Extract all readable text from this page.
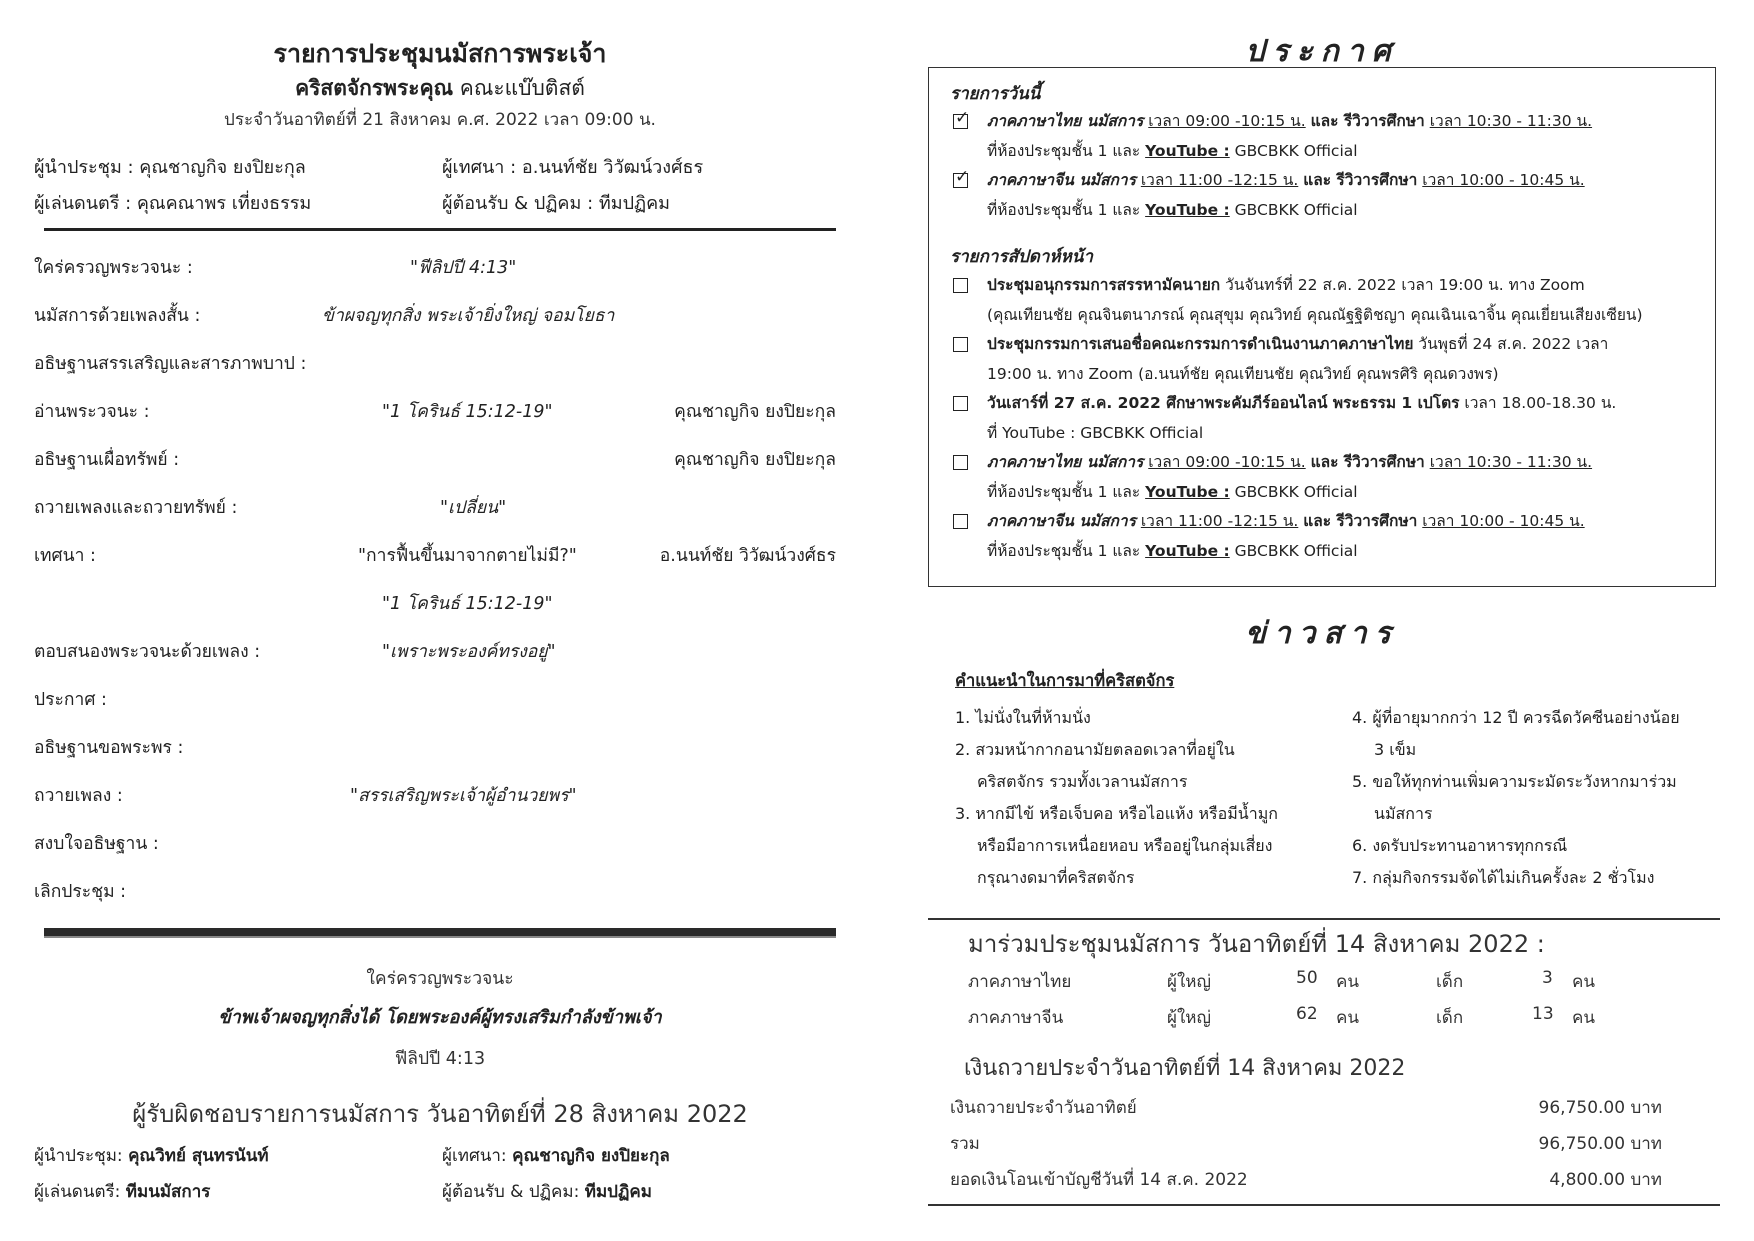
รายการประชุมนมัสการพระเจ้า
คริสตจักรพระคุณ คณะแบ๊บติสต์
ประจำวันอาทิตย์ที่ 21 สิงหาคม ค.ศ. 2022 เวลา 09:00 น.
ผู้นำประชุม : คุณชาญกิจ ยงปิยะกุล	ผู้เทศนา : อ.นนท์ชัย วิวัฒน์วงศ์ธร
ผู้เล่นดนตรี : คุณคณาพร เที่ยงธรรม	ผู้ต้อนรับ & ปฏิคม : ทีมปฏิคม
ใคร่ครวญพระวจนะ :	"ฟีลิปปี 4:13"
นมัสการด้วยเพลงสั้น :	ข้าผจญทุกสิ่ง พระเจ้ายิ่งใหญ่ จอมโยธา
อธิษฐานสรรเสริญและสารภาพบาป :
อ่านพระวจนะ :	"1 โครินธ์ 15:12-19"	คุณชาญกิจ ยงปิยะกุล
อธิษฐานเผื่อทรัพย์ :	คุณชาญกิจ ยงปิยะกุล
ถวายเพลงและถวายทรัพย์ :	"เปลี่ยน"
เทศนา :	"การฟื้นขึ้นมาจากตายไม่มี?"	อ.นนท์ชัย วิวัฒน์วงศ์ธร
"1 โครินธ์ 15:12-19"
ตอบสนองพระวจนะด้วยเพลง :	"เพราะพระองค์ทรงอยู่"
ประกาศ :
อธิษฐานขอพระพร :
ถวายเพลง :	"สรรเสริญพระเจ้าผู้อำนวยพร"
สงบใจอธิษฐาน :
เลิกประชุม :
ใคร่ครวญพระวจนะ
ข้าพเจ้าผจญทุกสิ่งได้ โดยพระองค์ผู้ทรงเสริมกำลังข้าพเจ้า
ฟีลิปปี 4:13
ผู้รับผิดชอบรายการนมัสการ วันอาทิตย์ที่ 28 สิงหาคม 2022
ผู้นำประชุม: คุณวิทย์ สุนทรนันท์	ผู้เทศนา: คุณชาญกิจ ยงปิยะกุล
ผู้เล่นดนตรี: ทีมนมัสการ	ผู้ต้อนรับ & ปฏิคม: ทีมปฏิคม
ประกาศ
รายการวันนี้
✓ ภาคภาษาไทย นมัสการ เวลา 09:00 -10:15 น. และ รีวิวารศึกษา เวลา 10:30 - 11:30 น.
ที่ห้องประชุมชั้น 1 และ YouTube : GBCBKK Official
✓ ภาคภาษาจีน นมัสการ เวลา 11:00 -12:15 น. และ รีวิวารศึกษา เวลา 10:00 - 10:45 น.
ที่ห้องประชุมชั้น 1 และ YouTube : GBCBKK Official
รายการสัปดาห์หน้า
ประชุมอนุกรรมการสรรหามัคนายก วันจันทร์ที่ 22 ส.ค. 2022 เวลา 19:00 น. ทาง Zoom
(คุณเทียนชัย คุณจินตนาภรณ์ คุณสุขุม คุณวิทย์ คุณณัฐฐิติชญา คุณเฉินเฉาจิ้น คุณเยี่ยนเสียงเซียน)
ประชุมกรรมการเสนอชื่อคณะกรรมการดำเนินงานภาคภาษาไทย วันพุธที่ 24 ส.ค. 2022 เวลา
19:00 น. ทาง Zoom (อ.นนท์ชัย คุณเทียนชัย คุณวิทย์ คุณพรศิริ คุณดวงพร)
วันเสาร์ที่ 27 ส.ค. 2022 ศึกษาพระคัมภีร์ออนไลน์ พระธรรม 1 เปโตร เวลา 18.00-18.30 น.
ที่ YouTube : GBCBKK Official
ภาคภาษาไทย นมัสการ เวลา 09:00 -10:15 น. และ รีวิวารศึกษา เวลา 10:30 - 11:30 น.
ที่ห้องประชุมชั้น 1 และ YouTube : GBCBKK Official
ภาคภาษาจีน นมัสการ เวลา 11:00 -12:15 น. และ รีวิวารศึกษา เวลา 10:00 - 10:45 น.
ที่ห้องประชุมชั้น 1 และ YouTube : GBCBKK Official
ข่าวสาร
คำแนะนำในการมาที่คริสตจักร
1. ไม่นั่งในที่ห้ามนั่ง
2. สวมหน้ากากอนามัยตลอดเวลาที่อยู่ใน
คริสตจักร รวมทั้งเวลานมัสการ
3. หากมีไข้ หรือเจ็บคอ หรือไอแห้ง หรือมีน้ำมูก
หรือมีอาการเหนื่อยหอบ หรืออยู่ในกลุ่มเสี่ยง
กรุณางดมาที่คริสตจักร
4. ผู้ที่อายุมากกว่า 12 ปี ควรฉีดวัคซีนอย่างน้อย
3 เข็ม
5. ขอให้ทุกท่านเพิ่มความระมัดระวังหากมาร่วม
นมัสการ
6. งดรับประทานอาหารทุกกรณี
7. กลุ่มกิจกรรมจัดได้ไม่เกินครั้งละ 2 ชั่วโมง
มาร่วมประชุมนมัสการ วันอาทิตย์ที่ 14 สิงหาคม 2022 :
ภาคภาษาไทย	ผู้ใหญ่	50 คน	เด็ก	3 คน
ภาคภาษาจีน	ผู้ใหญ่	62 คน	เด็ก	13 คน
เงินถวายประจำวันอาทิตย์ที่ 14 สิงหาคม 2022
เงินถวายประจำวันอาทิตย์	96,750.00 บาท
รวม	96,750.00 บาท
ยอดเงินโอนเข้าบัญชีวันที่ 14 ส.ค. 2022	4,800.00 บาท
